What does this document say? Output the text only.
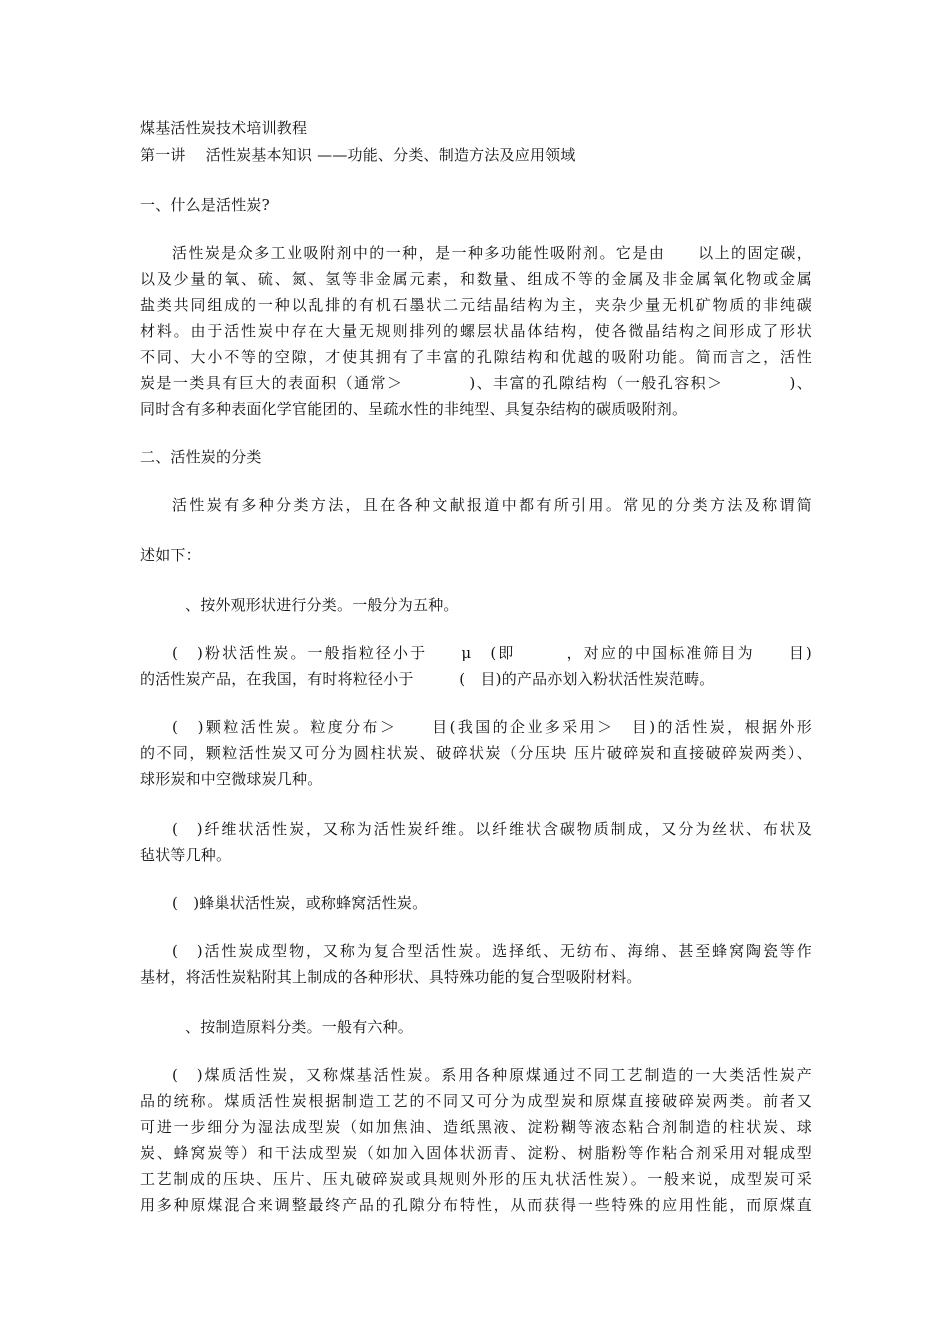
煤基活性炭技术培训教程
第一讲　 活性炭基本知识 ——功能、分类、制造方法及应用领域
一、什么是活性炭?
活性炭是众多工业吸附剂中的一种，是一种多功能性吸附剂。它是由　　以上的固定碳，
以及少量的氧、硫、氮、氢等非金属元素，和数量、组成不等的金属及非金属氧化物或金属
盐类共同组成的一种以乱排的有机石墨状二元结晶结构为主，夹杂少量无机矿物质的非纯碳
材料。由于活性炭中存在大量无规则排列的螺层状晶体结构，使各微晶结构之间形成了形状
不同、大小不等的空隙，才使其拥有了丰富的孔隙结构和优越的吸附功能。简而言之，活性
炭是一类具有巨大的表面积（通常＞　　　　)、丰富的孔隙结构（一般孔容积＞　　　　)、
同时含有多种表面化学官能团的、呈疏水性的非纯型、具复杂结构的碳质吸附剂。
二、活性炭的分类
活性炭有多种分类方法，且在各种文献报道中都有所引用。常见的分类方法及称谓简
述如下：
、按外观形状进行分类。一般分为五种。
(　)粉状活性炭。一般指粒径小于　　μ　(即　　　，对应的中国标准筛目为　　目)
的活性炭产品，在我国，有时将粒径小于　　　(　目)的产品亦划入粉状活性炭范畴。
(　)颗粒活性炭。粒度分布＞　　目(我国的企业多采用＞　目)的活性炭，根据外形
的不同，颗粒活性炭又可分为圆柱状炭、破碎状炭（分压块 压片破碎炭和直接破碎炭两类）、
球形炭和中空微球炭几种。
(　)纤维状活性炭，又称为活性炭纤维。以纤维状含碳物质制成，又分为丝状、布状及
毡状等几种。
(　)蜂巢状活性炭，或称蜂窝活性炭。
(　)活性炭成型物，又称为复合型活性炭。选择纸、无纺布、海绵、甚至蜂窝陶瓷等作
基材，将活性炭粘附其上制成的各种形状、具特殊功能的复合型吸附材料。
、按制造原料分类。一般有六种。
(　)煤质活性炭，又称煤基活性炭。系用各种原煤通过不同工艺制造的一大类活性炭产
品的统称。煤质活性炭根据制造工艺的不同又可分为成型炭和原煤直接破碎炭两类。前者又
可进一步细分为湿法成型炭（如加焦油、造纸黑液、淀粉糊等液态粘合剂制造的柱状炭、球
炭、蜂窝炭等）和干法成型炭（如加入固体状沥青、淀粉、树脂粉等作粘合剂采用对辊成型
工艺制成的压块、压片、压丸破碎炭或具规则外形的压丸状活性炭）。一般来说，成型炭可采
用多种原煤混合来调整最终产品的孔隙分布特性，从而获得一些特殊的应用性能，而原煤直
